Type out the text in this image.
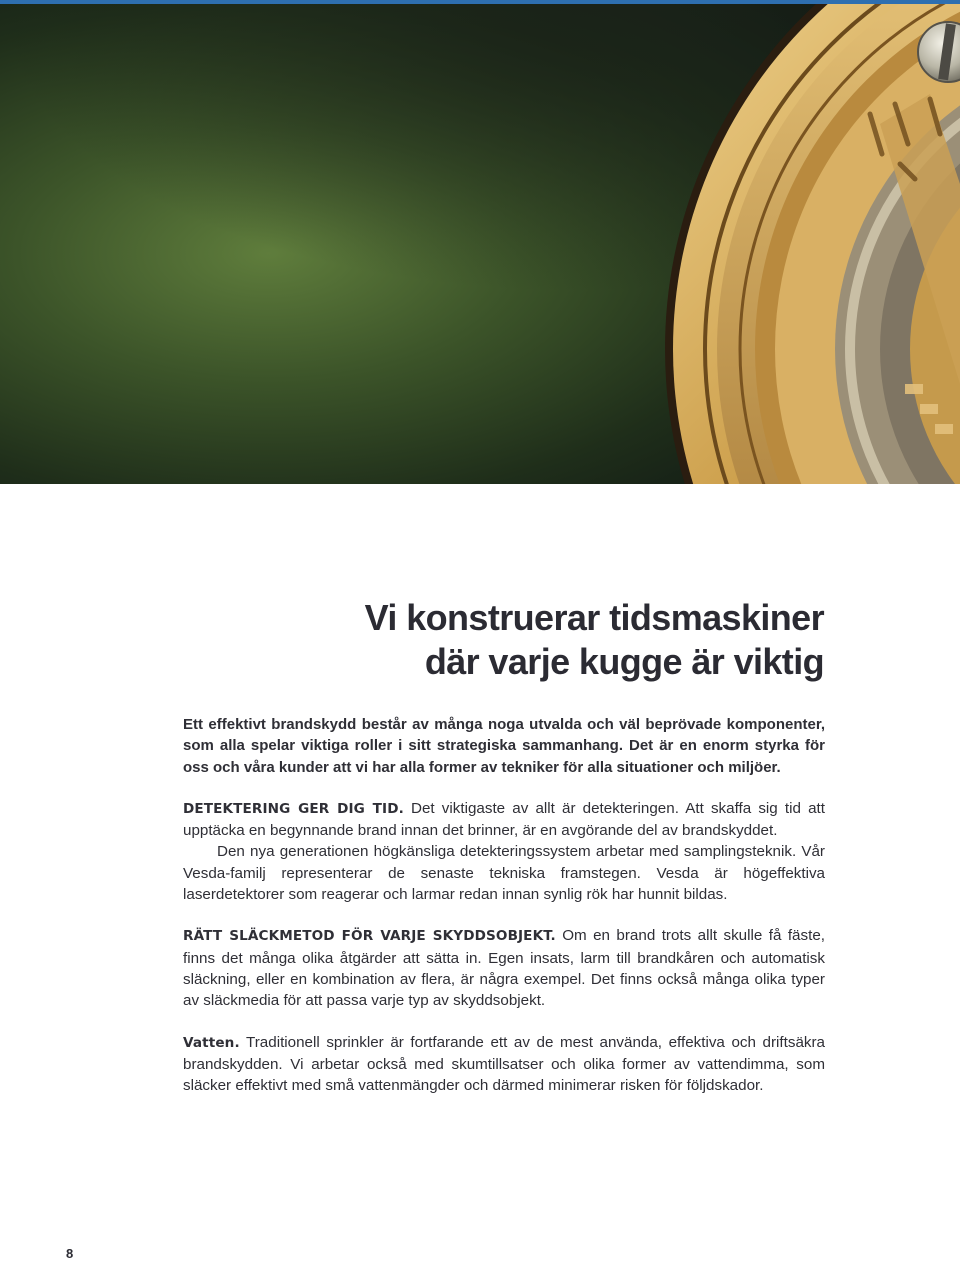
Vi konstruerar tidsmaskiner
där varje kugge är viktig

Ett effektivt brandskydd består av många noga utvalda och väl beprövade komponenter, som alla spelar viktiga roller i sitt strategiska sammanhang. Det är en enorm styrka för oss och våra kunder att vi har alla former av tekniker för alla situationer och miljöer.

DETEKTERING GER DIG TID. Det viktigaste av allt är detekteringen. Att skaffa sig tid att upptäcka en begynnande brand innan det brinner, är en avgörande del av brandskyddet.

Den nya generationen högkänsliga detekteringssystem arbetar med samplingsteknik. Vår Vesda-familj representerar de senaste tekniska framstegen. Vesda är högeffektiva laserdetektorer som reagerar och larmar redan innan synlig rök har hunnit bildas.

RÄTT SLÄCKMETOD FÖR VARJE SKYDDSOBJEKT. Om en brand trots allt skulle få fäste, finns det många olika åtgärder att sätta in. Egen insats, larm till brandkåren och automatisk släckning, eller en kombination av flera, är några exempel. Det finns också många olika typer av släckmedia för att passa varje typ av skyddsobjekt.

Vatten. Traditionell sprinkler är fortfarande ett av de mest använda, effektiva och driftsäkra brandskydden. Vi arbetar också med skumtillsatser och olika former av vattendimma, som släcker effektivt med små vattenmängder och därmed minimerar risken för följdskador.

8
